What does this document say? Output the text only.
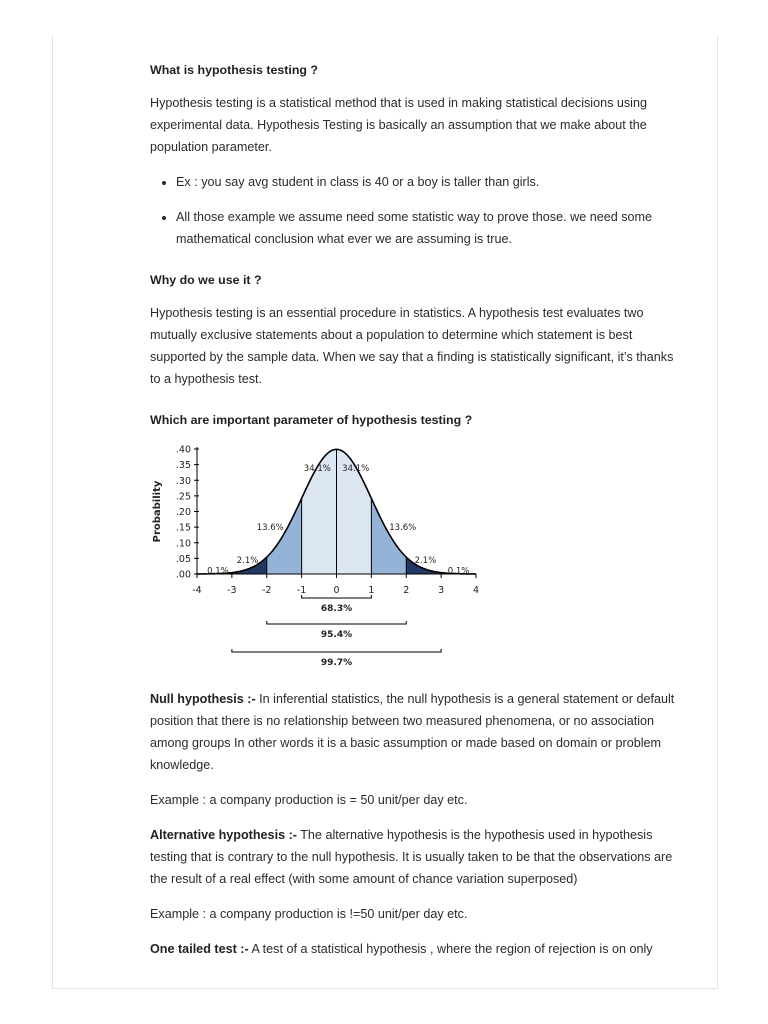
What is hypothesis testing ?

Hypothesis testing is a statistical method that is used in making statistical decisions using experimental data. Hypothesis Testing is basically an assumption that we make about the population parameter.

• Ex : you say avg student in class is 40 or a boy is taller than girls.
• All those example we assume need some statistic way to prove those. we need some mathematical conclusion what ever we are assuming is true.
Why do we use it ?

Hypothesis testing is an essential procedure in statistics. A hypothesis test evaluates two mutually exclusive statements about a population to determine which statement is best supported by the sample data. When we say that a finding is statistically significant, it’s thanks to a hypothesis test.

Which are important parameter of hypothesis testing ?
.00
.05
.10
.15
.20
.25
.30
.35
.40
Probability
-4	-3	-2	-1	0	1	2	3	4
34.1% 34.1%
13.6%	13.6%
2.1%	2.1%
0.1%	0.1%
68.3%
95.4%
99.7%

Null hypothesis :- In inferential statistics, the null hypothesis is a general statement or default position that there is no relationship between two measured phenomena, or no association among groups In other words it is a basic assumption or made based on domain or problem knowledge.

Example : a company production is = 50 unit/per day etc.

Alternative hypothesis :- The alternative hypothesis is the hypothesis used in hypothesis testing that is contrary to the null hypothesis. It is usually taken to be that the observations are the result of a real effect (with some amount of chance variation superposed)

Example : a company production is !=50 unit/per day etc.

One tailed test :- A test of a statistical hypothesis , where the region of rejection is on only
